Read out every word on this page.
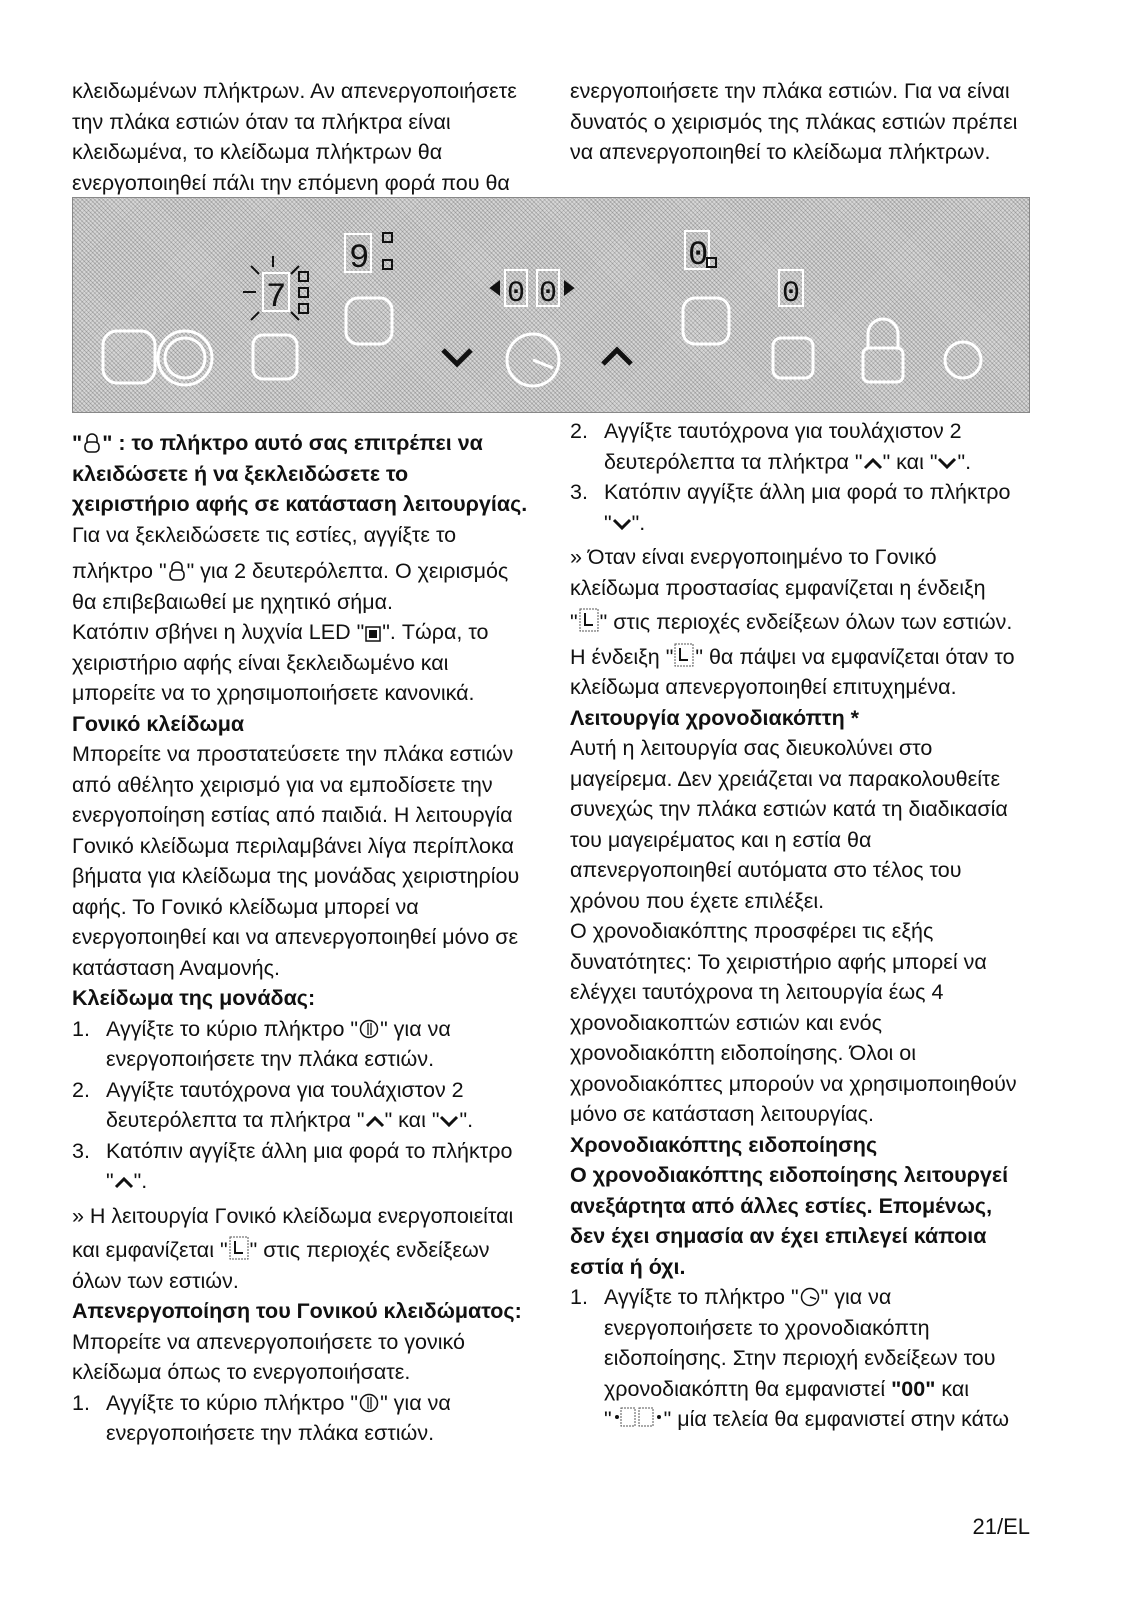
κλειδωμένων πλήκτρων. Αν απενεργοποιήσετε

την πλάκα εστιών όταν τα πλήκτρα είναι

κλειδωμένα, το κλείδωμα πλήκτρων θα

ενεργοποιηθεί πάλι την επόμενη φορά που θα

ενεργοποιήσετε την πλάκα εστιών. Για να είναι

δυνατός ο χειρισμός της πλάκας εστιών πρέπει

να απενεργοποιηθεί το κλείδωμα πλήκτρων.

7
9
0 0
0
0

" " : το πλήκτρο αυτό σας επιτρέπει να

κλειδώσετε ή να ξεκλειδώσετε το

χειριστήριο αφής σε κατάσταση λειτουργίας.

Για να ξεκλειδώσετε τις εστίες, αγγίξτε το

πλήκτρο " " για 2 δευτερόλεπτα. Ο χειρισμός

θα επιβεβαιωθεί με ηχητικό σήμα.

Κατόπιν σβήνει η λυχνία LED " ". Τώρα, το

χειριστήριο αφής είναι ξεκλειδωμένο και

μπορείτε να το χρησιμοποιήσετε κανονικά.

Γονικό κλείδωμα

Μπορείτε να προστατεύσετε την πλάκα εστιών

από αθέλητο χειρισμό για να εμποδίσετε την

ενεργοποίηση εστίας από παιδιά. Η λειτουργία

Γονικό κλείδωμα περιλαμβάνει λίγα περίπλοκα

βήματα για κλείδωμα της μονάδας χειριστηρίου

αφής. Το Γονικό κλείδωμα μπορεί να

ενεργοποιηθεί και να απενεργοποιηθεί μόνο σε

κατάσταση Αναμονής.

Κλείδωμα της μονάδας:

1. Αγγίξτε το κύριο πλήκτρο " " για να

ενεργοποιήσετε την πλάκα εστιών.

2. Αγγίξτε ταυτόχρονα για τουλάχιστον 2

δευτερόλεπτα τα πλήκτρα " " και " ".

3. Κατόπιν αγγίξτε άλλη μια φορά το πλήκτρο

" ".

» Η λειτουργία Γονικό κλείδωμα ενεργοποιείται

και εμφανίζεται " " στις περιοχές ενδείξεων

όλων των εστιών.

Απενεργοποίηση του Γονικού κλειδώματος:

Μπορείτε να απενεργοποιήσετε το γονικό

κλείδωμα όπως το ενεργοποιήσατε.

1. Αγγίξτε το κύριο πλήκτρο " " για να

ενεργοποιήσετε την πλάκα εστιών.

2. Αγγίξτε ταυτόχρονα για τουλάχιστον 2

δευτερόλεπτα τα πλήκτρα " " και " ".

3. Κατόπιν αγγίξτε άλλη μια φορά το πλήκτρο

" ".

» Όταν είναι ενεργοποιημένο το Γονικό

κλείδωμα προστασίας εμφανίζεται η ένδειξη

" " στις περιοχές ενδείξεων όλων των εστιών.

Η ένδειξη " " θα πάψει να εμφανίζεται όταν το

κλείδωμα απενεργοποιηθεί επιτυχημένα.

Λειτουργία χρονοδιακόπτη *

Αυτή η λειτουργία σας διευκολύνει στο

μαγείρεμα. Δεν χρειάζεται να παρακολουθείτε

συνεχώς την πλάκα εστιών κατά τη διαδικασία

του μαγειρέματος και η εστία θα

απενεργοποιηθεί αυτόματα στο τέλος του

χρόνου που έχετε επιλέξει.

Ο χρονοδιακόπτης προσφέρει τις εξής

δυνατότητες: Το χειριστήριο αφής μπορεί να

ελέγχει ταυτόχρονα τη λειτουργία έως 4

χρονοδιακοπτών εστιών και ενός

χρονοδιακόπτη ειδοποίησης. Όλοι οι

χρονοδιακόπτες μπορούν να χρησιμοποιηθούν

μόνο σε κατάσταση λειτουργίας.

Χρονοδιακόπτης ειδοποίησης

Ο χρονοδιακόπτης ειδοποίησης λειτουργεί

ανεξάρτητα από άλλες εστίες. Επομένως,

δεν έχει σημασία αν έχει επιλεγεί κάποια

εστία ή όχι.

1. Αγγίξτε το πλήκτρο " " για να

ενεργοποιήσετε το χρονοδιακόπτη

ειδοποίησης. Στην περιοχή ενδείξεων του

χρονοδιακόπτη θα εμφανιστεί "00" και

" " μία τελεία θα εμφανιστεί στην κάτω

21/EL
